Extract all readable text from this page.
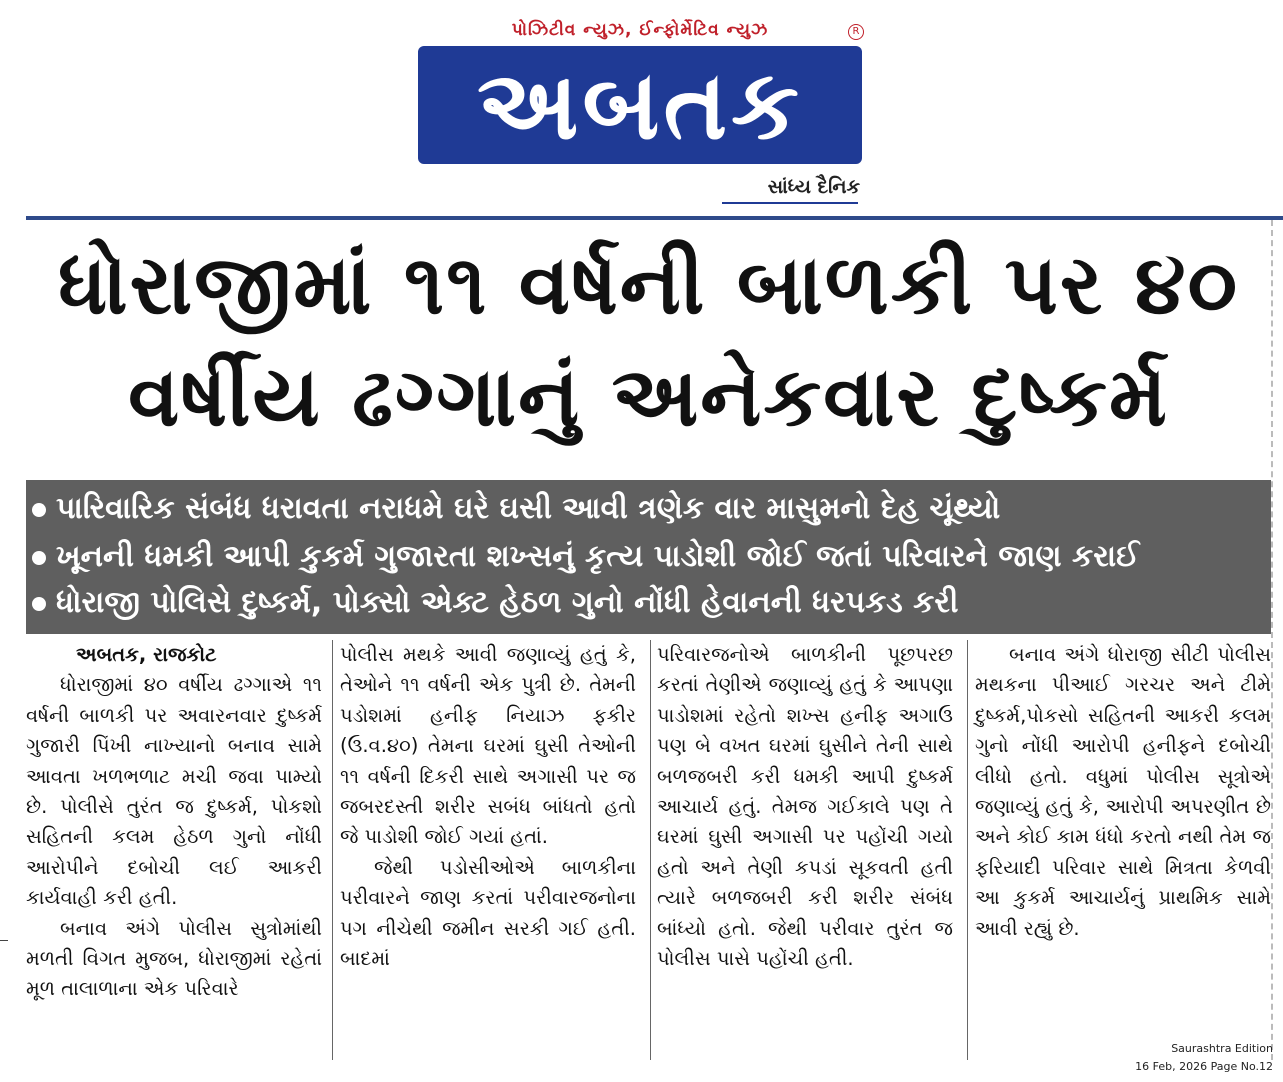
પોઝિટીવ ન્યુઝ, ઈન્ફોર્મેટિવ ન્યુઝ	R
અબતક
સાંધ્ય દૈનિક
ધોરાજીમાં ૧૧ વર્ષની બાળકી પર ૪૦
વર્ષીય ઢગ્ગાનું અનેકવાર દુષ્કર્મ
પારિવારિક સંબંધ ધરાવતા નરાધમે ઘરે ઘસી આવી ત્રણેક વાર માસુમનો દેહ ચૂંથ્યો
ખૂનની ધમકી આપી કુકર્મ ગુજારતા શખ્સનું કૃત્ય પાડોશી જોઈ જતાં પરિવારને જાણ કરાઈ
ધોરાજી પોલિસે દુષ્કર્મ, પોક્સો એક્ટ હેઠળ ગુનો નોંધી હેવાનની ધરપકડ કરી

અબતક, રાજકોટ

ધોરાજીમાં ૪૦ વર્ષીય ઢગ્ગાએ ૧૧ વર્ષની બાળકી પર અવારનવાર દુષ્કર્મ ગુજારી પિંખી નાખ્યાનો બનાવ સામે આવતા ખળભળાટ મચી જવા પામ્યો છે. પોલીસે તુરંત જ દુષ્કર્મ, પોકશો સહિતની કલમ હેઠળ ગુનો નોંધી આરોપીને દબોચી લઈ આકરી કાર્યવાહી કરી હતી.

બનાવ અંગે પોલીસ સુત્રોમાંથી મળતી વિગત મુજબ, ધોરાજીમાં રહેતાં મૂળ તાલાળાના એક પરિવારે

પોલીસ મથકે આવી જણાવ્યું હતું કે, તેઓને ૧૧ વર્ષની એક પુત્રી છે. તેમની પડોશમાં હનીફ નિયાઝ ફકીર (ઉ.વ.૪૦) તેમના ઘરમાં ઘુસી તેઓની ૧૧ વર્ષની દિકરી સાથે અગાસી પર જ જબરદસ્તી શરીર સબંધ બાંધતો હતો જે પાડોશી જોઈ ગયાં હતાં.

જેથી પડોસીઓએ બાળકીના પરીવારને જાણ કરતાં પરીવારજનોના પગ નીચેથી જમીન સરકી ગઈ હતી. બાદમાં

પરિવારજનોએ બાળકીની પૂછપરછ કરતાં તેણીએ જણાવ્યું હતું કે આપણા પાડોશમાં રહેતો શખ્સ હનીફ અગાઉ પણ બે વખત ઘરમાં ઘુસીને તેની સાથે બળજબરી કરી ધમકી આપી દુષ્કર્મ આચાર્ય હતું. તેમજ ગઈકાલે પણ તે ઘરમાં ઘુસી અગાસી પર પહોંચી ગયો હતો અને તેણી કપડાં સૂકવતી હતી ત્યારે બળજબરી કરી શરીર સંબંધ બાંધ્યો હતો. જેથી પરીવાર તુરંત જ પોલીસ પાસે પહોંચી હતી.

બનાવ અંગે ધોરાજી સીટી પોલીસ મથકના પીઆઈ ગરચર અને ટીમે દુષ્કર્મ,પોકસો સહિતની આકરી કલમ ગુનો નોંધી આરોપી હનીફને દબોચી લીધો હતો. વધુમાં પોલીસ સૂત્રોએ જણાવ્યું હતું કે, આરોપી અપરણીત છે અને કોઈ કામ ધંધો કરતો નથી તેમ જ ફરિયાદી પરિવાર સાથે મિત્રતા કેળવી આ કુકર્મ આચાર્યનું પ્રાથમિક સામે આવી રહ્યું છે.

Saurashtra Edition
16 Feb, 2026 Page No.12
